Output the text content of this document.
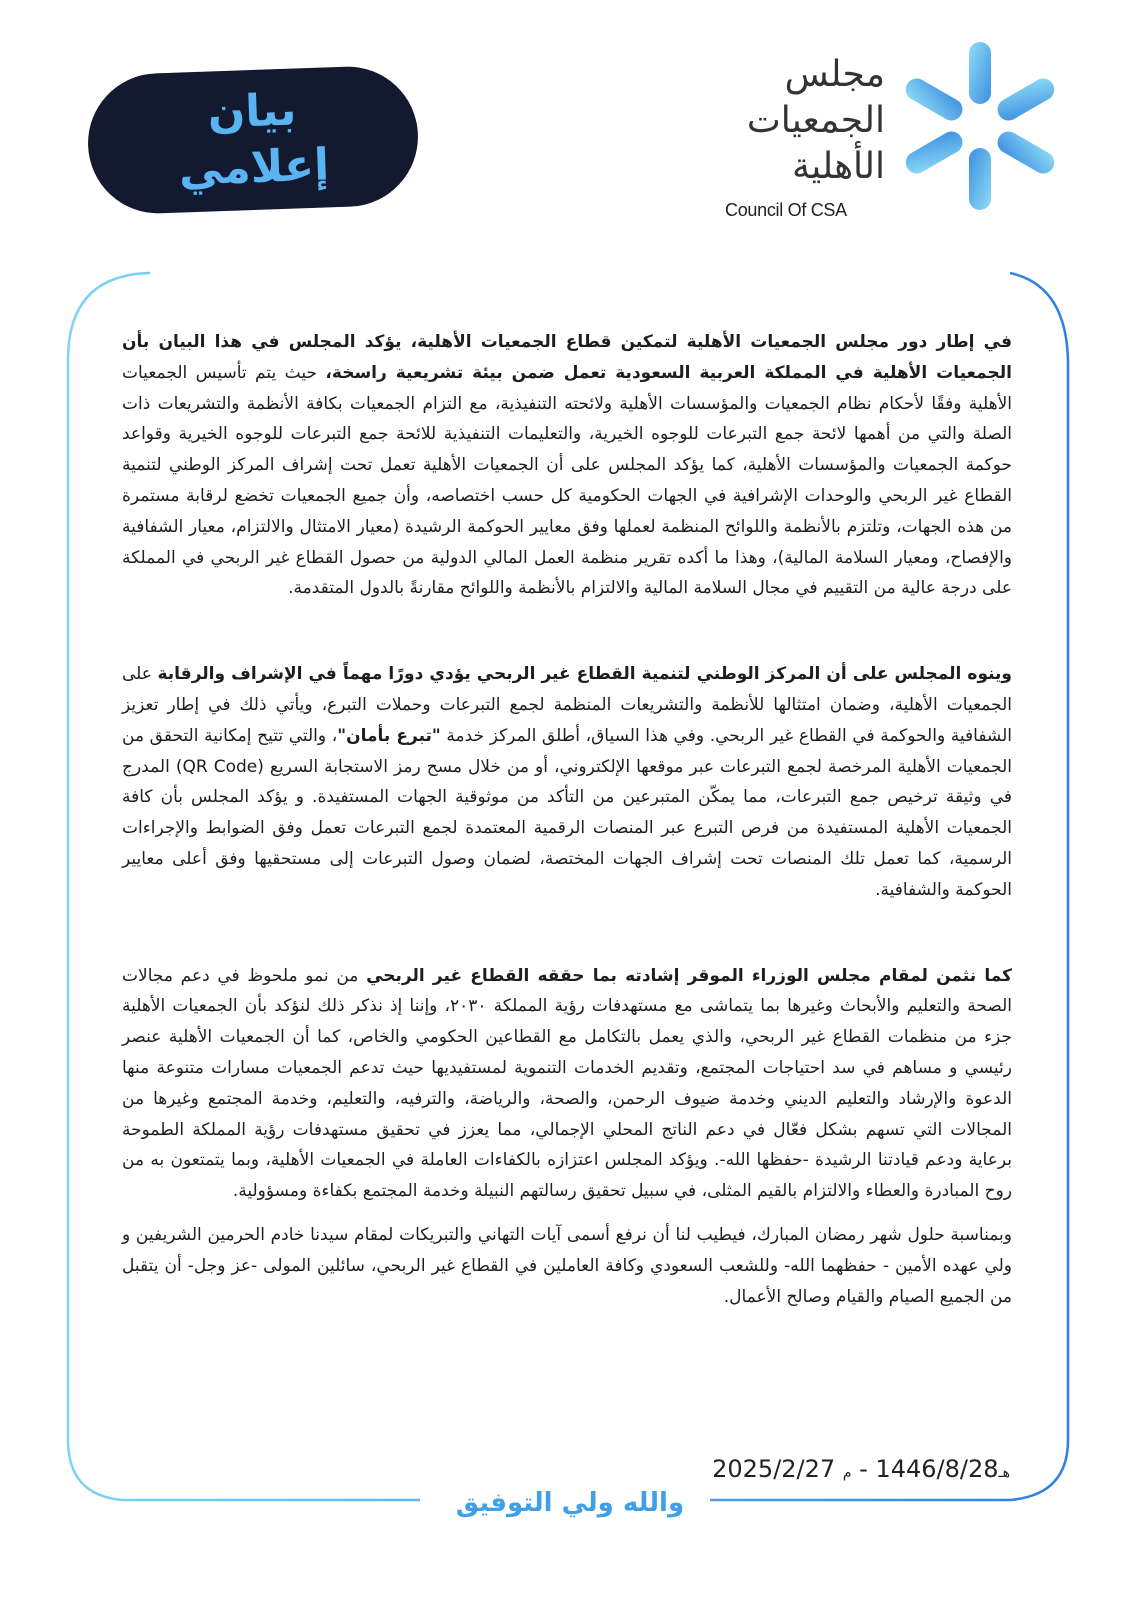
مجلس
الجمعيات
الأهلية
Council Of CSA
بيان
إعلامي

في إطار دور مجلس الجمعيات الأهلية لتمكين قطاع الجمعيات الأهلية، يؤكد المجلس في هذا البيان بأن الجمعيات الأهلية في المملكة العربية السعودية تعمل ضمن بيئة تشريعية راسخة، حيث يتم تأسيس الجمعيات الأهلية وفقًا لأحكام نظام الجمعيات والمؤسسات الأهلية ولائحته التنفيذية، مع التزام الجمعيات بكافة الأنظمة والتشريعات ذات الصلة والتي من أهمها لائحة جمع التبرعات للوجوه الخيرية، والتعليمات التنفيذية للائحة جمع التبرعات للوجوه الخيرية وقواعد حوكمة الجمعيات والمؤسسات الأهلية، كما يؤكد المجلس على أن الجمعيات الأهلية تعمل تحت إشراف المركز الوطني لتنمية القطاع غير الربحي والوحدات الإشرافية في الجهات الحكومية كل حسب اختصاصه، وأن جميع الجمعيات تخضع لرقابة مستمرة من هذه الجهات، وتلتزم بالأنظمة واللوائح المنظمة لعملها وفق معايير الحوكمة الرشيدة (معيار الامتثال والالتزام، معيار الشفافية والإفصاح، ومعيار السلامة المالية)، وهذا ما أكده تقرير منظمة العمل المالي الدولية من حصول القطاع غير الربحي في المملكة على درجة عالية من التقييم في مجال السلامة المالية والالتزام بالأنظمة واللوائح مقارنةً بالدول المتقدمة.

وينوه المجلس على أن المركز الوطني لتنمية القطاع غير الربحي يؤدي دورًا مهماً في الإشراف والرقابة على الجمعيات الأهلية، وضمان امتثالها للأنظمة والتشريعات المنظمة لجمع التبرعات وحملات التبرع، ويأتي ذلك في إطار تعزيز الشفافية والحوكمة في القطاع غير الربحي. وفي هذا السياق، أطلق المركز خدمة "تبرع بأمان"، والتي تتيح إمكانية التحقق من الجمعيات الأهلية المرخصة لجمع التبرعات عبر موقعها الإلكتروني، أو من خلال مسح رمز الاستجابة السريع (QR Code) المدرج في وثيقة ترخيص جمع التبرعات، مما يمكّن المتبرعين من التأكد من موثوقية الجهات المستفيدة. و يؤكد المجلس بأن كافة الجمعيات الأهلية المستفيدة من فرص التبرع عبر المنصات الرقمية المعتمدة لجمع التبرعات تعمل وفق الضوابط والإجراءات الرسمية، كما تعمل تلك المنصات تحت إشراف الجهات المختصة، لضمان وصول التبرعات إلى مستحقيها وفق أعلى معايير الحوكمة والشفافية.

كما نثمن لمقام مجلس الوزراء الموقر إشادته بما حققه القطاع غير الربحي من نمو ملحوظ في دعم مجالات الصحة والتعليم والأبحاث وغيرها بما يتماشى مع مستهدفات رؤية المملكة ٢٠٣٠، وإننا إذ نذكر ذلك لنؤكد بأن الجمعيات الأهلية جزء من منظمات القطاع غير الربحي، والذي يعمل بالتكامل مع القطاعين الحكومي والخاص، كما أن الجمعيات الأهلية عنصر رئيسي و مساهم في سد احتياجات المجتمع، وتقديم الخدمات التنموية لمستفيديها حيث تدعم الجمعيات مسارات متنوعة منها الدعوة والإرشاد والتعليم الديني وخدمة ضيوف الرحمن، والصحة، والرياضة، والترفيه، والتعليم، وخدمة المجتمع وغيرها من المجالات التي تسهم بشكل فعّال في دعم الناتج المحلي الإجمالي، مما يعزز في تحقيق مستهدفات رؤية المملكة الطموحة برعاية ودعم قيادتنا الرشيدة -حفظها الله-. ويؤكد المجلس اعتزازه بالكفاءات العاملة في الجمعيات الأهلية، وبما يتمتعون به من روح المبادرة والعطاء والالتزام بالقيم المثلى، في سبيل تحقيق رسالتهم النبيلة وخدمة المجتمع بكفاءة ومسؤولية.

وبمناسبة حلول شهر رمضان المبارك، فيطيب لنا أن نرفع أسمى آيات التهاني والتبريكات لمقام سيدنا خادم الحرمين الشريفين و ولي عهده الأمين - حفظهما الله- وللشعب السعودي وكافة العاملين في القطاع غير الربحي، سائلين المولى -عز وجل- أن يتقبل من الجميع الصيام والقيام وصالح الأعمال.

هـ1446/8/28 - م 2025/2/27
والله ولي التوفيق
